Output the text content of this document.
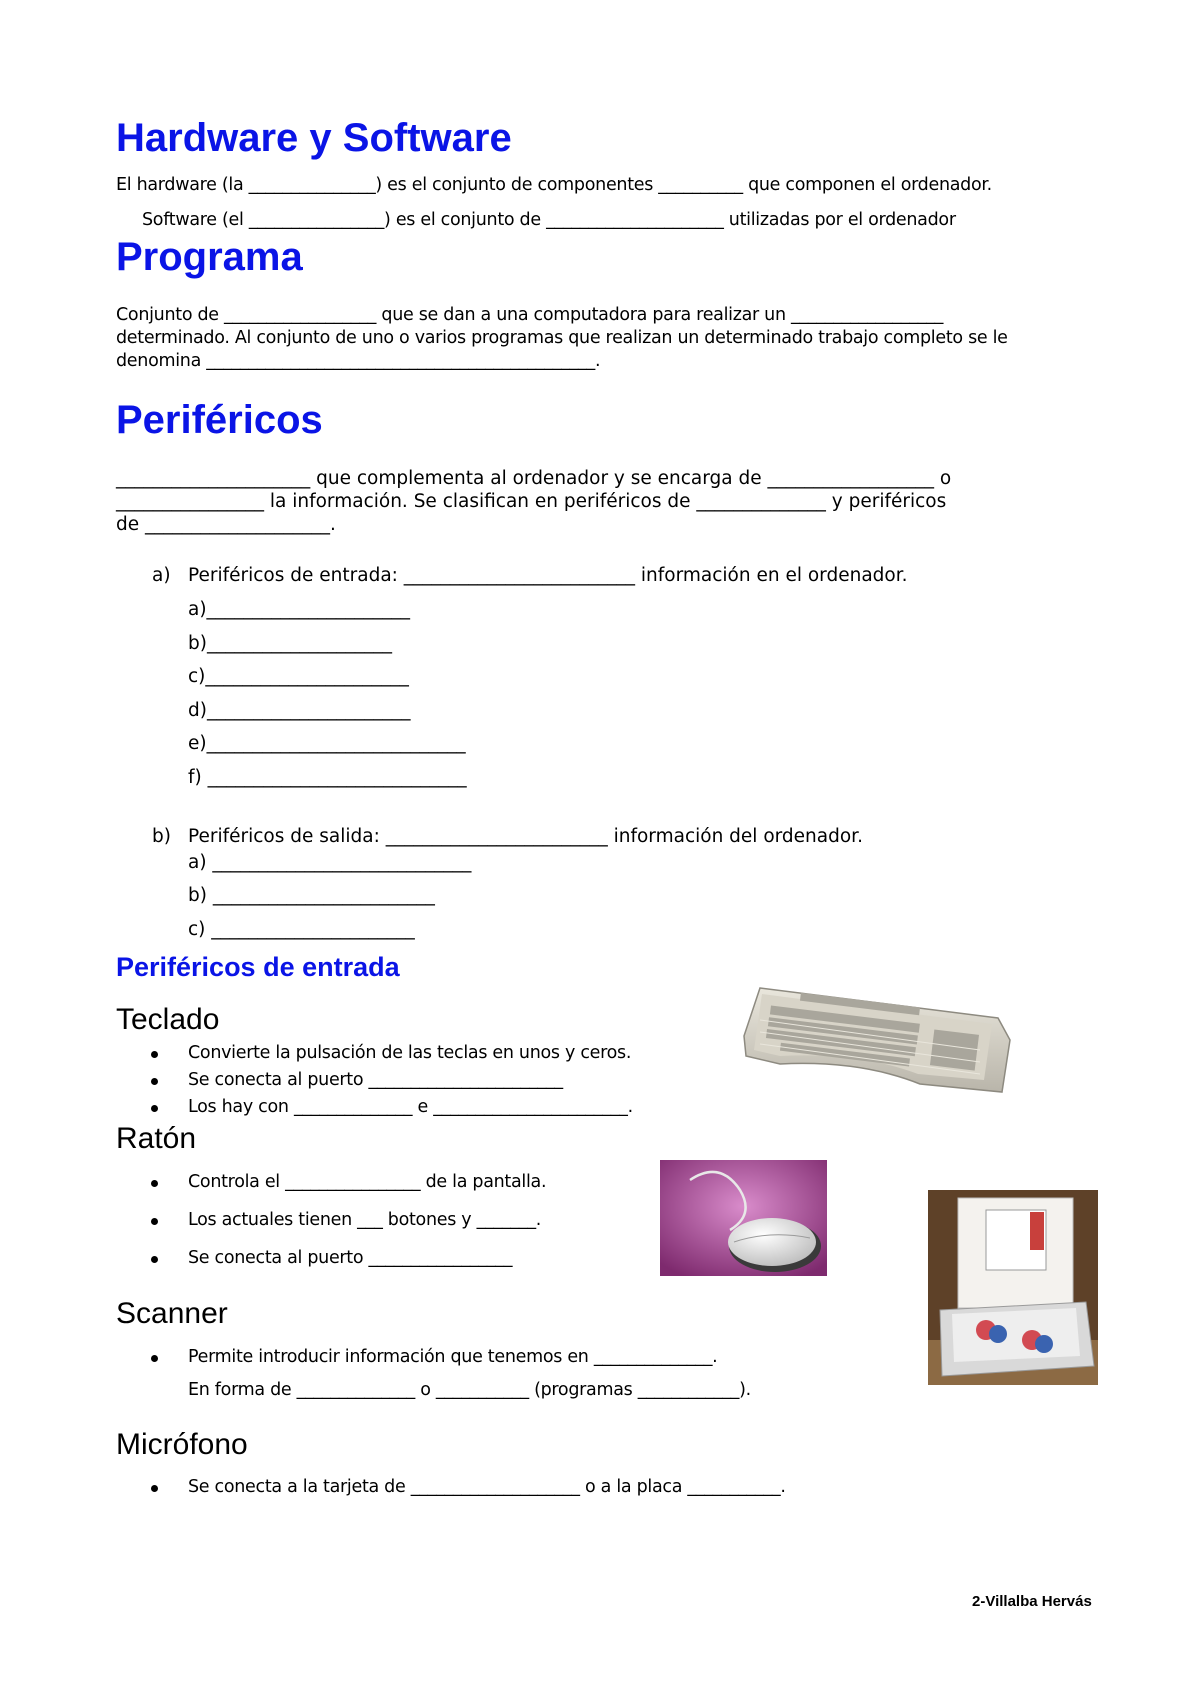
Hardware y Software
El hardware (la _______________) es el conjunto de componentes __________ que componen el ordenador.
Software (el ________________) es el conjunto de _____________________ utilizadas por el ordenador
Programa
Conjunto de __________________ que se dan a una computadora para realizar un __________________
determinado. Al conjunto de uno o varios programas que realizan un determinado trabajo completo se le
denomina ______________________________________________.
Periféricos
_____________________ que complementa al ordenador y se encarga de __________________ o
________________ la información. Se clasifican en periféricos de ______________ y periféricos
de ____________________.
a) Periféricos de entrada: _________________________ información en el ordenador.
a)______________________
b)____________________
c)______________________
d)______________________
e)____________________________
f) ____________________________
b) Periféricos de salida: ________________________ información del ordenador.
a) ____________________________
b) ________________________
c) ______________________
Periféricos de entrada
Teclado
Convierte la pulsación de las teclas en unos y ceros.
Se conecta al puerto _______________________
Los hay con ______________ e _______________________.
Ratón
Controla el ________________ de la pantalla.
Los actuales tienen ___ botones y _______.
Se conecta al puerto _________________
Scanner
Permite introducir información que tenemos en ______________.
En forma de ______________ o ___________ (programas ____________).
Micrófono
Se conecta a la tarjeta de ____________________ o a la placa ___________.
2-Villalba Hervás
